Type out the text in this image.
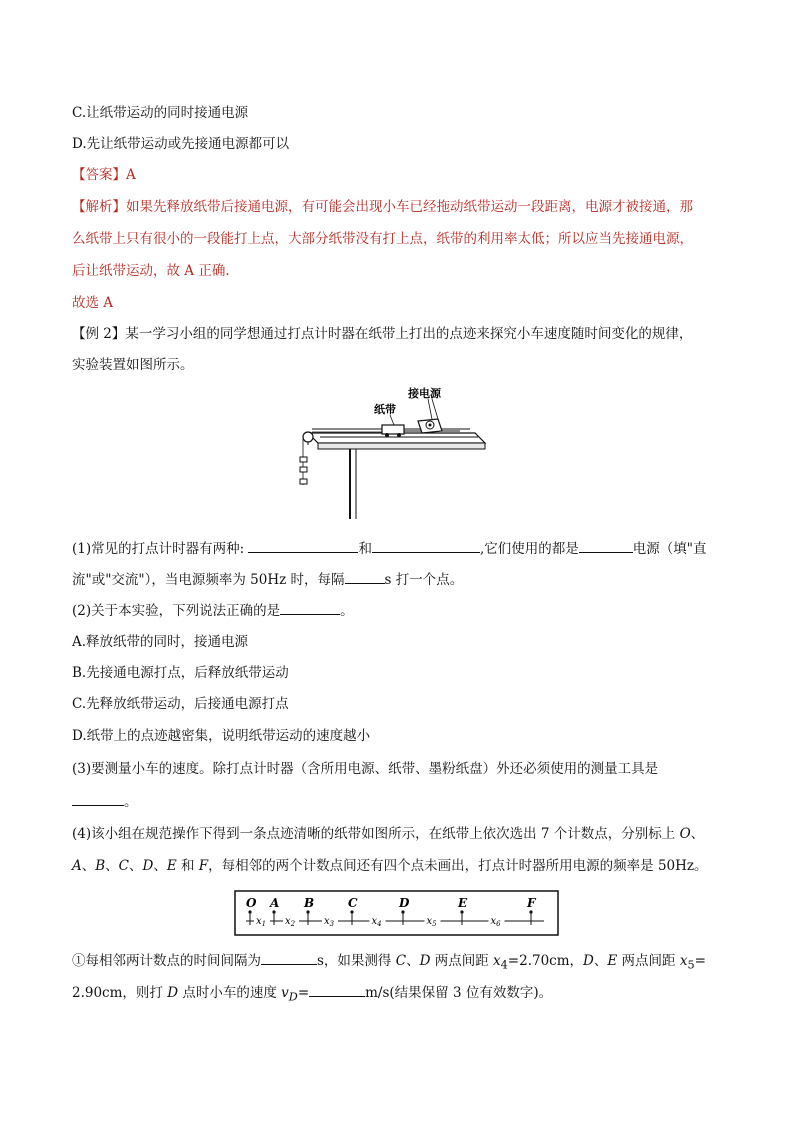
C.让纸带运动的同时接通电源
D.先让纸带运动或先接通电源都可以
【答案】A
【解析】如果先释放纸带后接通电源，有可能会出现小车已经拖动纸带运动一段距离，电源才被接通，那
么纸带上只有很小的一段能打上点，大部分纸带没有打上点，纸带的利用率太低；所以应当先接通电源，
后让纸带运动，故 A 正确.
故选 A
【例 2】某一学习小组的同学想通过打点计时器在纸带上打出的点迹来探究小车速度随时间变化的规律，
实验装置如图所示。
接电源
纸带
(1)常见的打点计时器有两种:	和	,它们使用的都是	电源（填"直
流"或"交流"），当电源频率为 50Hz 时，每隔	s 打一个点。
(2)关于本实验，下列说法正确的是	。
A.释放纸带的同时，接通电源
B.先接通电源打点，后释放纸带运动
C.先释放纸带运动，后接通电源打点
D.纸带上的点迹越密集，说明纸带运动的速度越小
(3)要测量小车的速度。除打点计时器（含所用电源、纸带、墨粉纸盘）外还必须使用的测量工具是
。
(4)该小组在规范操作下得到一条点迹清晰的纸带如图所示，在纸带上依次选出 7 个计数点，分别标上 O、
A、B、C、D、E 和 F，每相邻的两个计数点间还有四个点未画出，打点计时器所用电源的频率是 50Hz。
O A B	C	D	E	F
$x_1$ $x_2$	$x_3$	$x_4$	$x_5$	$x_6$
①每相邻两计数点的时间间隔为	s，如果测得 C、D 两点间距 $x_4=2.70cm$，D、E 两点间距 $x_5=$
2.90cm，则打 D 点时小车的速度 $v_D=$	m/s(结果保留 3 位有效数字)。
